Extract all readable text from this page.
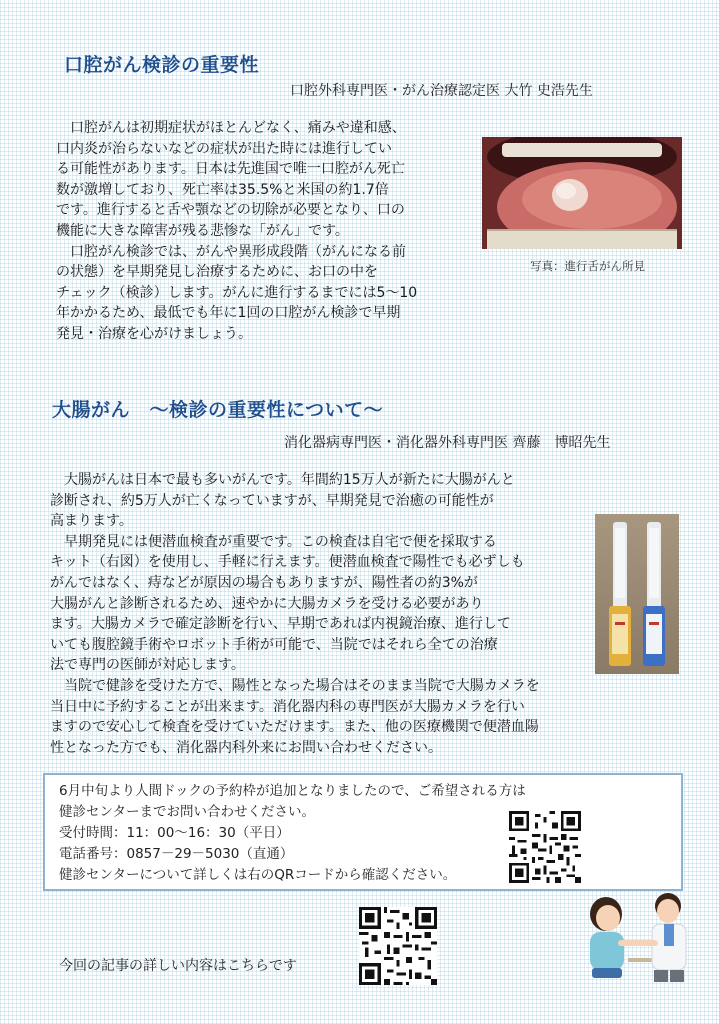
口腔がん検診の重要性
口腔外科専門医・がん治療認定医 大竹 史浩先生
　口腔がんは初期症状がほとんどなく、痛みや違和感、
口内炎が治らないなどの症状が出た時には進行してい
る可能性があります。日本は先進国で唯一口腔がん死亡
数が激増しており、死亡率は35.5%と米国の約1.7倍
です。進行すると舌や顎などの切除が必要となり、口の
機能に大きな障害が残る悲惨な「がん」です。
　口腔がん検診では、がんや異形成段階（がんになる前
の状態）を早期発見し治療するために、お口の中を
チェック（検診）します。がんに進行するまでには5～10
年かかるため、最低でも年に1回の口腔がん検診で早期
発見・治療を心がけましょう。
写真：進行舌がん所見
大腸がん　～検診の重要性について～
消化器病専門医・消化器外科専門医 齊藤　博昭先生
　大腸がんは日本で最も多いがんです。年間約15万人が新たに大腸がんと
診断され、約5万人が亡くなっていますが、早期発見で治癒の可能性が
高まります。
　早期発見には便潜血検査が重要です。この検査は自宅で便を採取する
キット（右図）を使用し、手軽に行えます。便潜血検査で陽性でも必ずしも
がんではなく、痔などが原因の場合もありますが、陽性者の約3%が
大腸がんと診断されるため、速やかに大腸カメラを受ける必要があり
ます。大腸カメラで確定診断を行い、早期であれば内視鏡治療、進行して
いても腹腔鏡手術やロボット手術が可能で、当院ではそれら全ての治療
法で専門の医師が対応します。
　当院で健診を受けた方で、陽性となった場合はそのまま当院で大腸カメラを
当日中に予約することが出来ます。消化器内科の専門医が大腸カメラを行い
ますので安心して検査を受けていただけます。また、他の医療機関で便潜血陽
性となった方でも、消化器内科外来にお問い合わせください。
6月中旬より人間ドックの予約枠が追加となりましたので、ご希望される方は
健診センターまでお問い合わせください。
受付時間：11：00～16：30（平日）
電話番号：0857－29－5030（直通）
健診センターについて詳しくは右のQRコードから確認ください。
今回の記事の詳しい内容はこちらです
